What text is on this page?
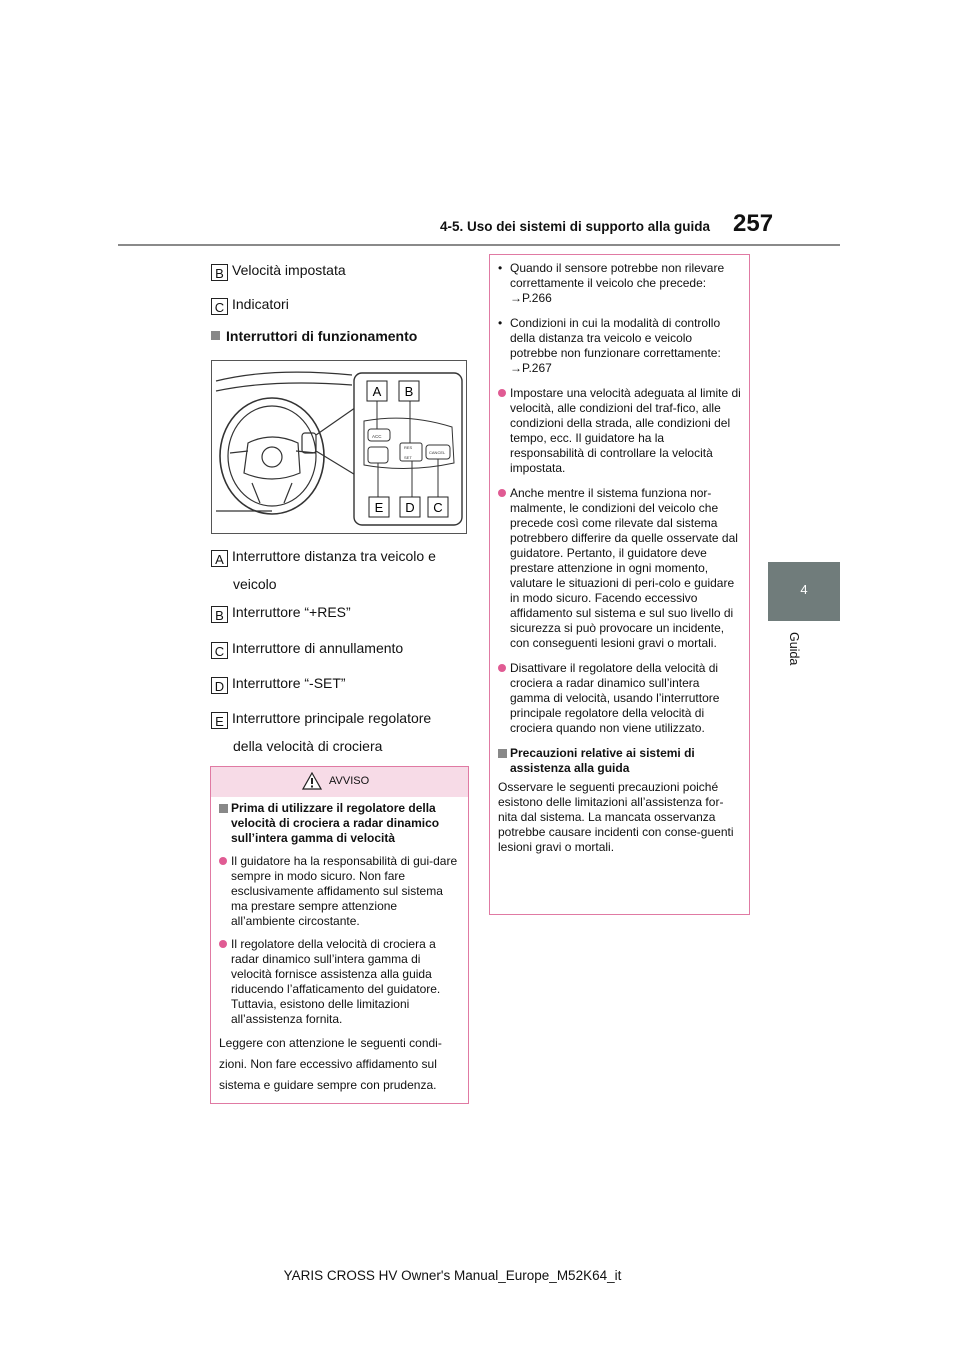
4-5. Uso dei sistemi di supporto alla guida 257
4
Guida
B Velocità impostata
C Indicatori
Interruttori di funzionamento
ACC
RES
SET
CANCEL
A B
E D C
A Interruttore distanza tra veicolo e
veicolo
B Interruttore “+RES”
C Interruttore di annullamento
D Interruttore “-SET”
E Interruttore principale regolatore
della velocità di crociera
AVVISO
Prima di utilizzare il regolatore della velocità di crociera a radar dinamico sull’intera gamma di velocità
Il guidatore ha la responsabilità di gui-dare sempre in modo sicuro. Non fare esclusivamente affidamento sul sistema ma prestare sempre attenzione all’ambiente circostante.
Il regolatore della velocità di crociera a radar dinamico sull’intera gamma di velocità fornisce assistenza alla guida riducendo l’affaticamento del guidatore. Tuttavia, esistono delle limitazioni all’assistenza fornita.
Leggere con attenzione le seguenti condi-zioni. Non fare eccessivo affidamento sul sistema e guidare sempre con prudenza.
• Quando il sensore potrebbe non rilevare correttamente il veicolo che precede:
→P.266
• Condizioni in cui la modalità di controllo della distanza tra veicolo e veicolo potrebbe non funzionare correttamente:
→P.267
Impostare una velocità adeguata al limite di velocità, alle condizioni del traf-fico, alle condizioni della strada, alle condizioni del tempo, ecc. Il guidatore ha la responsabilità di controllare la velocità impostata.
Anche mentre il sistema funziona nor-malmente, le condizioni del veicolo che precede così come rilevate dal sistema potrebbero differire da quelle osservate dal guidatore. Pertanto, il guidatore deve prestare attenzione in ogni momento, valutare le situazioni di peri-colo e guidare in modo sicuro. Facendo eccessivo affidamento sul sistema e sul suo livello di sicurezza si può provocare un incidente, con conseguenti lesioni gravi o mortali.
Disattivare il regolatore della velocità di crociera a radar dinamico sull’intera gamma di velocità, usando l’interruttore principale regolatore della velocità di crociera quando non viene utilizzato.
Precauzioni relative ai sistemi di assistenza alla guida
Osservare le seguenti precauzioni poiché esistono delle limitazioni all’assistenza for-nita dal sistema. La mancata osservanza potrebbe causare incidenti con conse-guenti lesioni gravi o mortali.
YARIS CROSS HV Owner's Manual_Europe_M52K64_it
